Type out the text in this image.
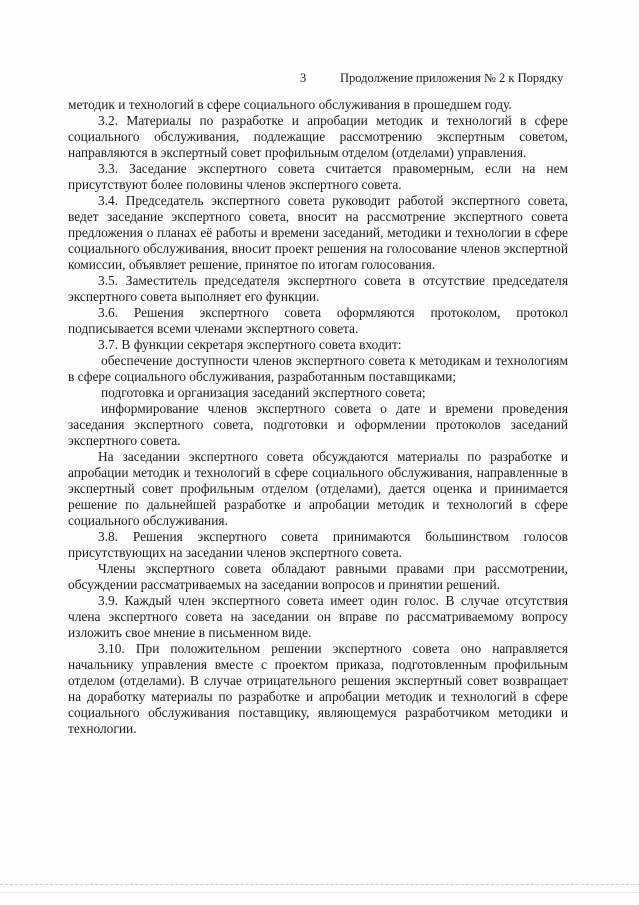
3	Продолжение приложения № 2 к Порядку

методик и технологий в сфере социального обслуживания в прошедшем году.

3.2. Материалы по разработке и апробации методик и технологий в сфере социального обслуживания, подлежащие рассмотрению экспертным советом, направляются в экспертный совет профильным отделом (отделами) управления.

3.3. Заседание экспертного совета считается правомерным, если на нем присутствуют более половины членов экспертного совета.

3.4. Председатель экспертного совета руководит работой экспертного совета, ведет заседание экспертного совета, вносит на рассмотрение экспертного совета предложения о планах её работы и времени заседаний, методики и технологии в сфере социального обслуживания, вносит проект решения на голосование членов экспертной комиссии, объявляет решение, принятое по итогам голосования.

3.5. Заместитель председателя экспертного совета в отсутствие председателя экспертного совета выполняет его функции.

3.6. Решения экспертного совета оформляются протоколом, протокол подписывается всеми членами экспертного совета.

3.7. В функции секретаря экспертного совета входит:

обеспечение доступности членов экспертного совета к методикам и технологиям в сфере социального обслуживания, разработанным поставщиками;

подготовка и организация заседаний экспертного совета;

информирование членов экспертного совета о дате и времени проведения заседания экспертного совета, подготовки и оформлении протоколов заседаний экспертного совета.

На заседании экспертного совета обсуждаются материалы по разработке и апробации методик и технологий в сфере социального обслуживания, направленные в экспертный совет профильным отделом (отделами), дается оценка и принимается решение по дальнейшей разработке и апробации методик и технологий в сфере социального обслуживания.

3.8. Решения экспертного совета принимаются большинством голосов присутствующих на заседании членов экспертного совета.

Члены экспертного совета обладают равными правами при рассмотрении, обсуждении рассматриваемых на заседании вопросов и принятии решений.

3.9. Каждый член экспертного совета имеет один голос. В случае отсутствия члена экспертного совета на заседании он вправе по рассматриваемому вопросу изложить свое мнение в письменном виде.

3.10. При положительном решении экспертного совета оно направляется начальнику управления вместе с проектом приказа, подготовленным профильным отделом (отделами). В случае отрицательного решения экспертный совет возвращает на доработку материалы по разработке и апробации методик и технологий в сфере социального обслуживания поставщику, являющемуся разработчиком методики и технологии.
